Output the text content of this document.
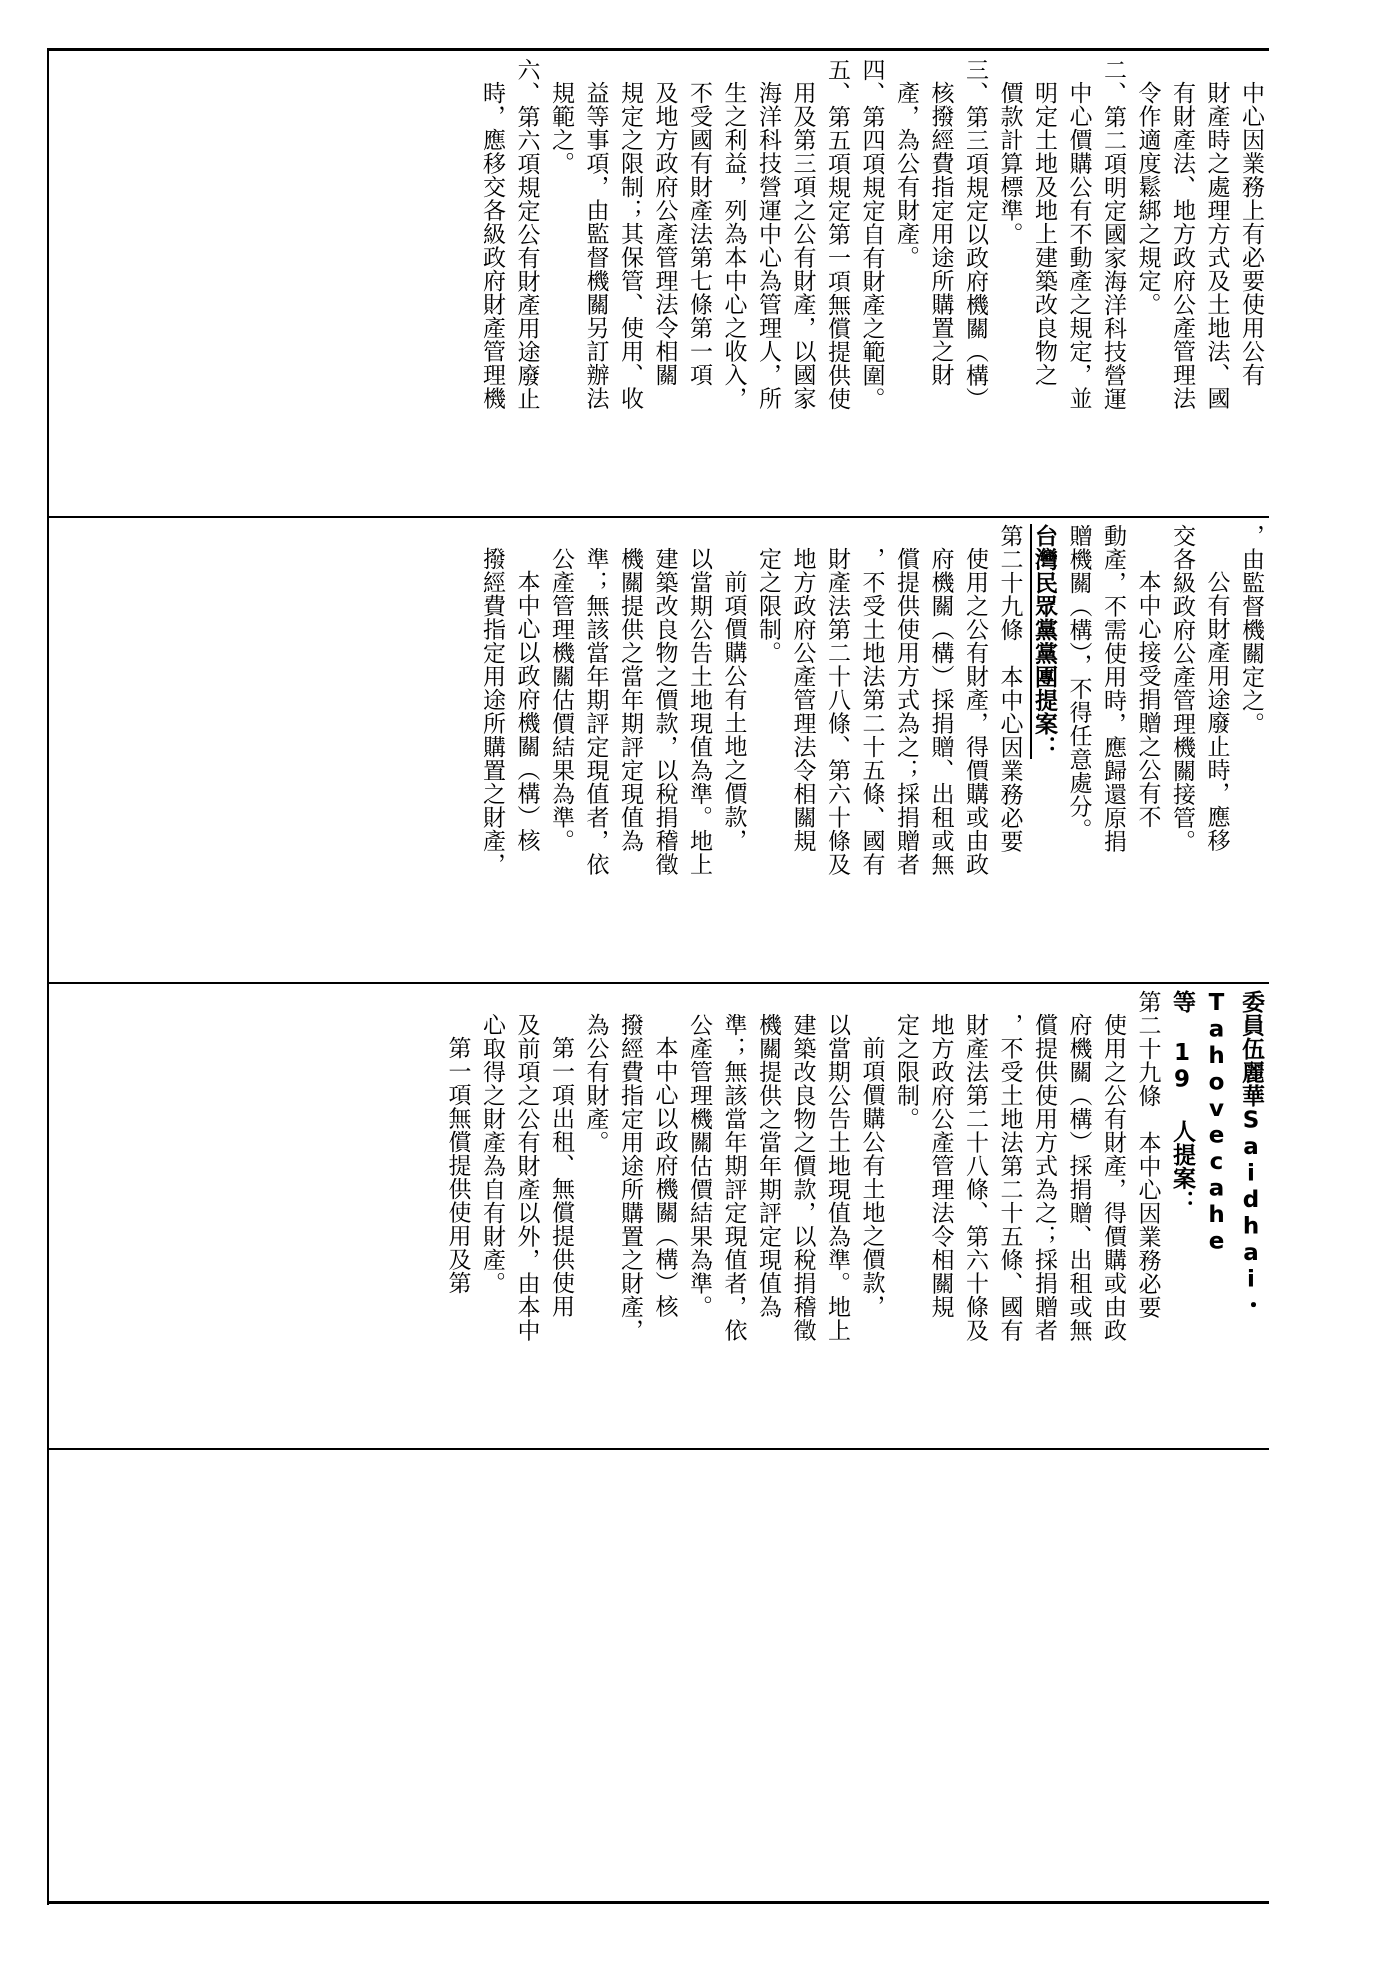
中心因業務上有必要使用公有

財產時之處理方式及土地法、國

有財產法、地方政府公產管理法

令作適度鬆綁之規定。

二、第二項明定國家海洋科技營運

中心價購公有不動產之規定，並

明定土地及地上建築改良物之

價款計算標準。

三、第三項規定以政府機關（構）

核撥經費指定用途所購置之財

產，為公有財產。

四、第四項規定自有財產之範圍。

五、第五項規定第一項無償提供使

用及第三項之公有財產，以國家

海洋科技營運中心為管理人，所

生之利益，列為本中心之收入，

不受國有財產法第七條第一項

及地方政府公產管理法令相關

規定之限制；其保管、使用、收

益等事項，由監督機關另訂辦法

規範之。

六、第六項規定公有財產用途廢止

時，應移交各級政府財產管理機

，由監督機關定之。

公有財產用途廢止時，應移

交各級政府公產管理機關接管。

本中心接受捐贈之公有不

動產，不需使用時，應歸還原捐

贈機關（構），不得任意處分。

台灣民眾黨黨團提案：

第二十九條　本中心因業務必要

使用之公有財產，得價購或由政

府機關（構）採捐贈、出租或無

償提供使用方式為之；採捐贈者

，不受土地法第二十五條、國有

財產法第二十八條、第六十條及

地方政府公產管理法令相關規

定之限制。

前項價購公有土地之價款，

以當期公告土地現值為準。地上

建築改良物之價款，以稅捐稽徵

機關提供之當年期評定現值為

準；無該當年期評定現值者，依

公產管理機關估價結果為準。

本中心以政府機關（構）核

撥經費指定用途所購置之財產，

委員伍麗華Saidhai・Tahovecahe

等 19 人提案：

第二十九條　本中心因業務必要

使用之公有財產，得價購或由政

府機關（構）採捐贈、出租或無

償提供使用方式為之；採捐贈者

，不受土地法第二十五條、國有

財產法第二十八條、第六十條及

地方政府公產管理法令相關規

定之限制。

前項價購公有土地之價款，

以當期公告土地現值為準。地上

建築改良物之價款，以稅捐稽徵

機關提供之當年期評定現值為

準；無該當年期評定現值者，依

公產管理機關估價結果為準。

本中心以政府機關（構）核

撥經費指定用途所購置之財產，

為公有財產。

第一項出租、無償提供使用

及前項之公有財產以外，由本中

心取得之財產為自有財產。

第一項無償提供使用及第
